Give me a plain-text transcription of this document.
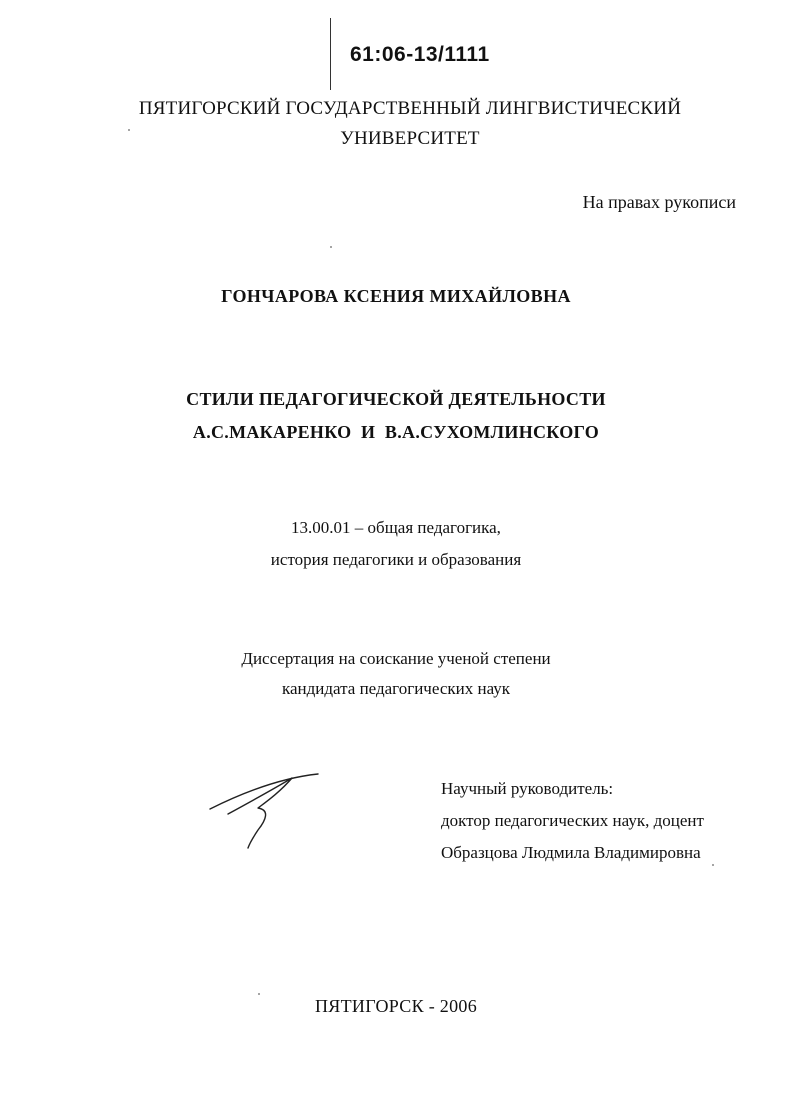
61:06-13/1111
ПЯТИГОРСКИЙ ГОСУДАРСТВЕННЫЙ ЛИНГВИСТИЧЕСКИЙ
УНИВЕРСИТЕТ
На правах рукописи
ГОНЧАРОВА КСЕНИЯ МИХАЙЛОВНА
СТИЛИ ПЕДАГОГИЧЕСКОЙ ДЕЯТЕЛЬНОСТИ
А.С.МАКАРЕНКО  И  В.А.СУХОМЛИНСКОГО
13.00.01 – общая педагогика,
история педагогики и образования
Диссертация на соискание ученой степени
кандидата педагогических наук
Научный руководитель:
доктор педагогических наук, доцент
Образцова Людмила Владимировна
ПЯТИГОРСК - 2006
